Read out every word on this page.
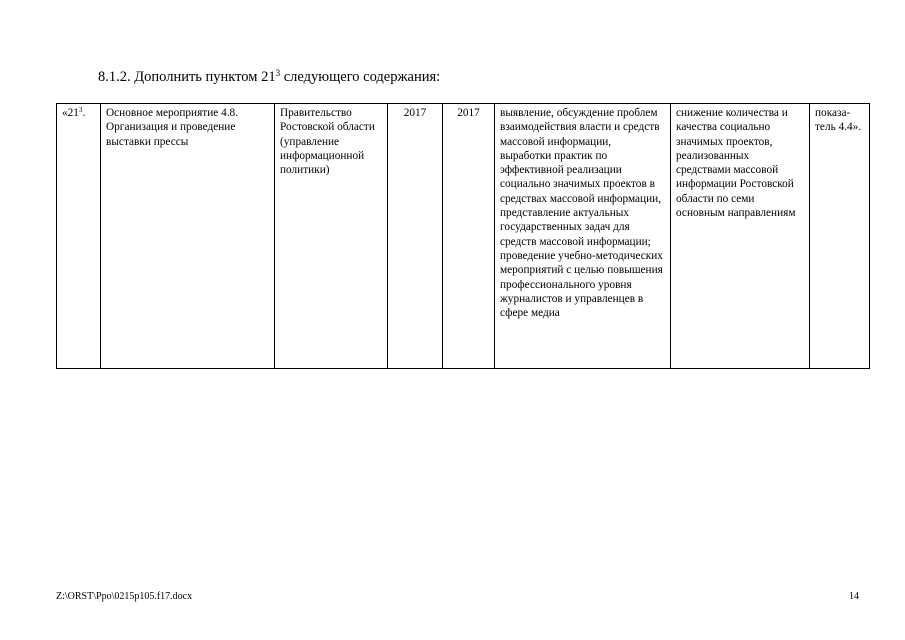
8.1.2. Дополнить пунктом $21^3$ следующего содержания:
«$21^3$.	Основное мероприятие 4.8. Организация и проведение выставки прессы	Правительство Ростовской области (управление информационной политики)	2017	2017	выявление, обсуждение проблем взаимодействия власти и средств массовой информации, выработки практик по эффективной реализации социально значимых проектов в средствах массовой информации, представление актуальных государственных задач для средств массовой информации; проведение учебно-методических мероприятий с целью повышения профессионального уровня журналистов и управленцев в сфере медиа	снижение количества и качества социально значимых проектов, реализованных средствами массовой информации Ростовской области по семи основным направлениям	показа-тель 4.4».
Z:\ORST\Ppo\0215p105.f17.docx	14
